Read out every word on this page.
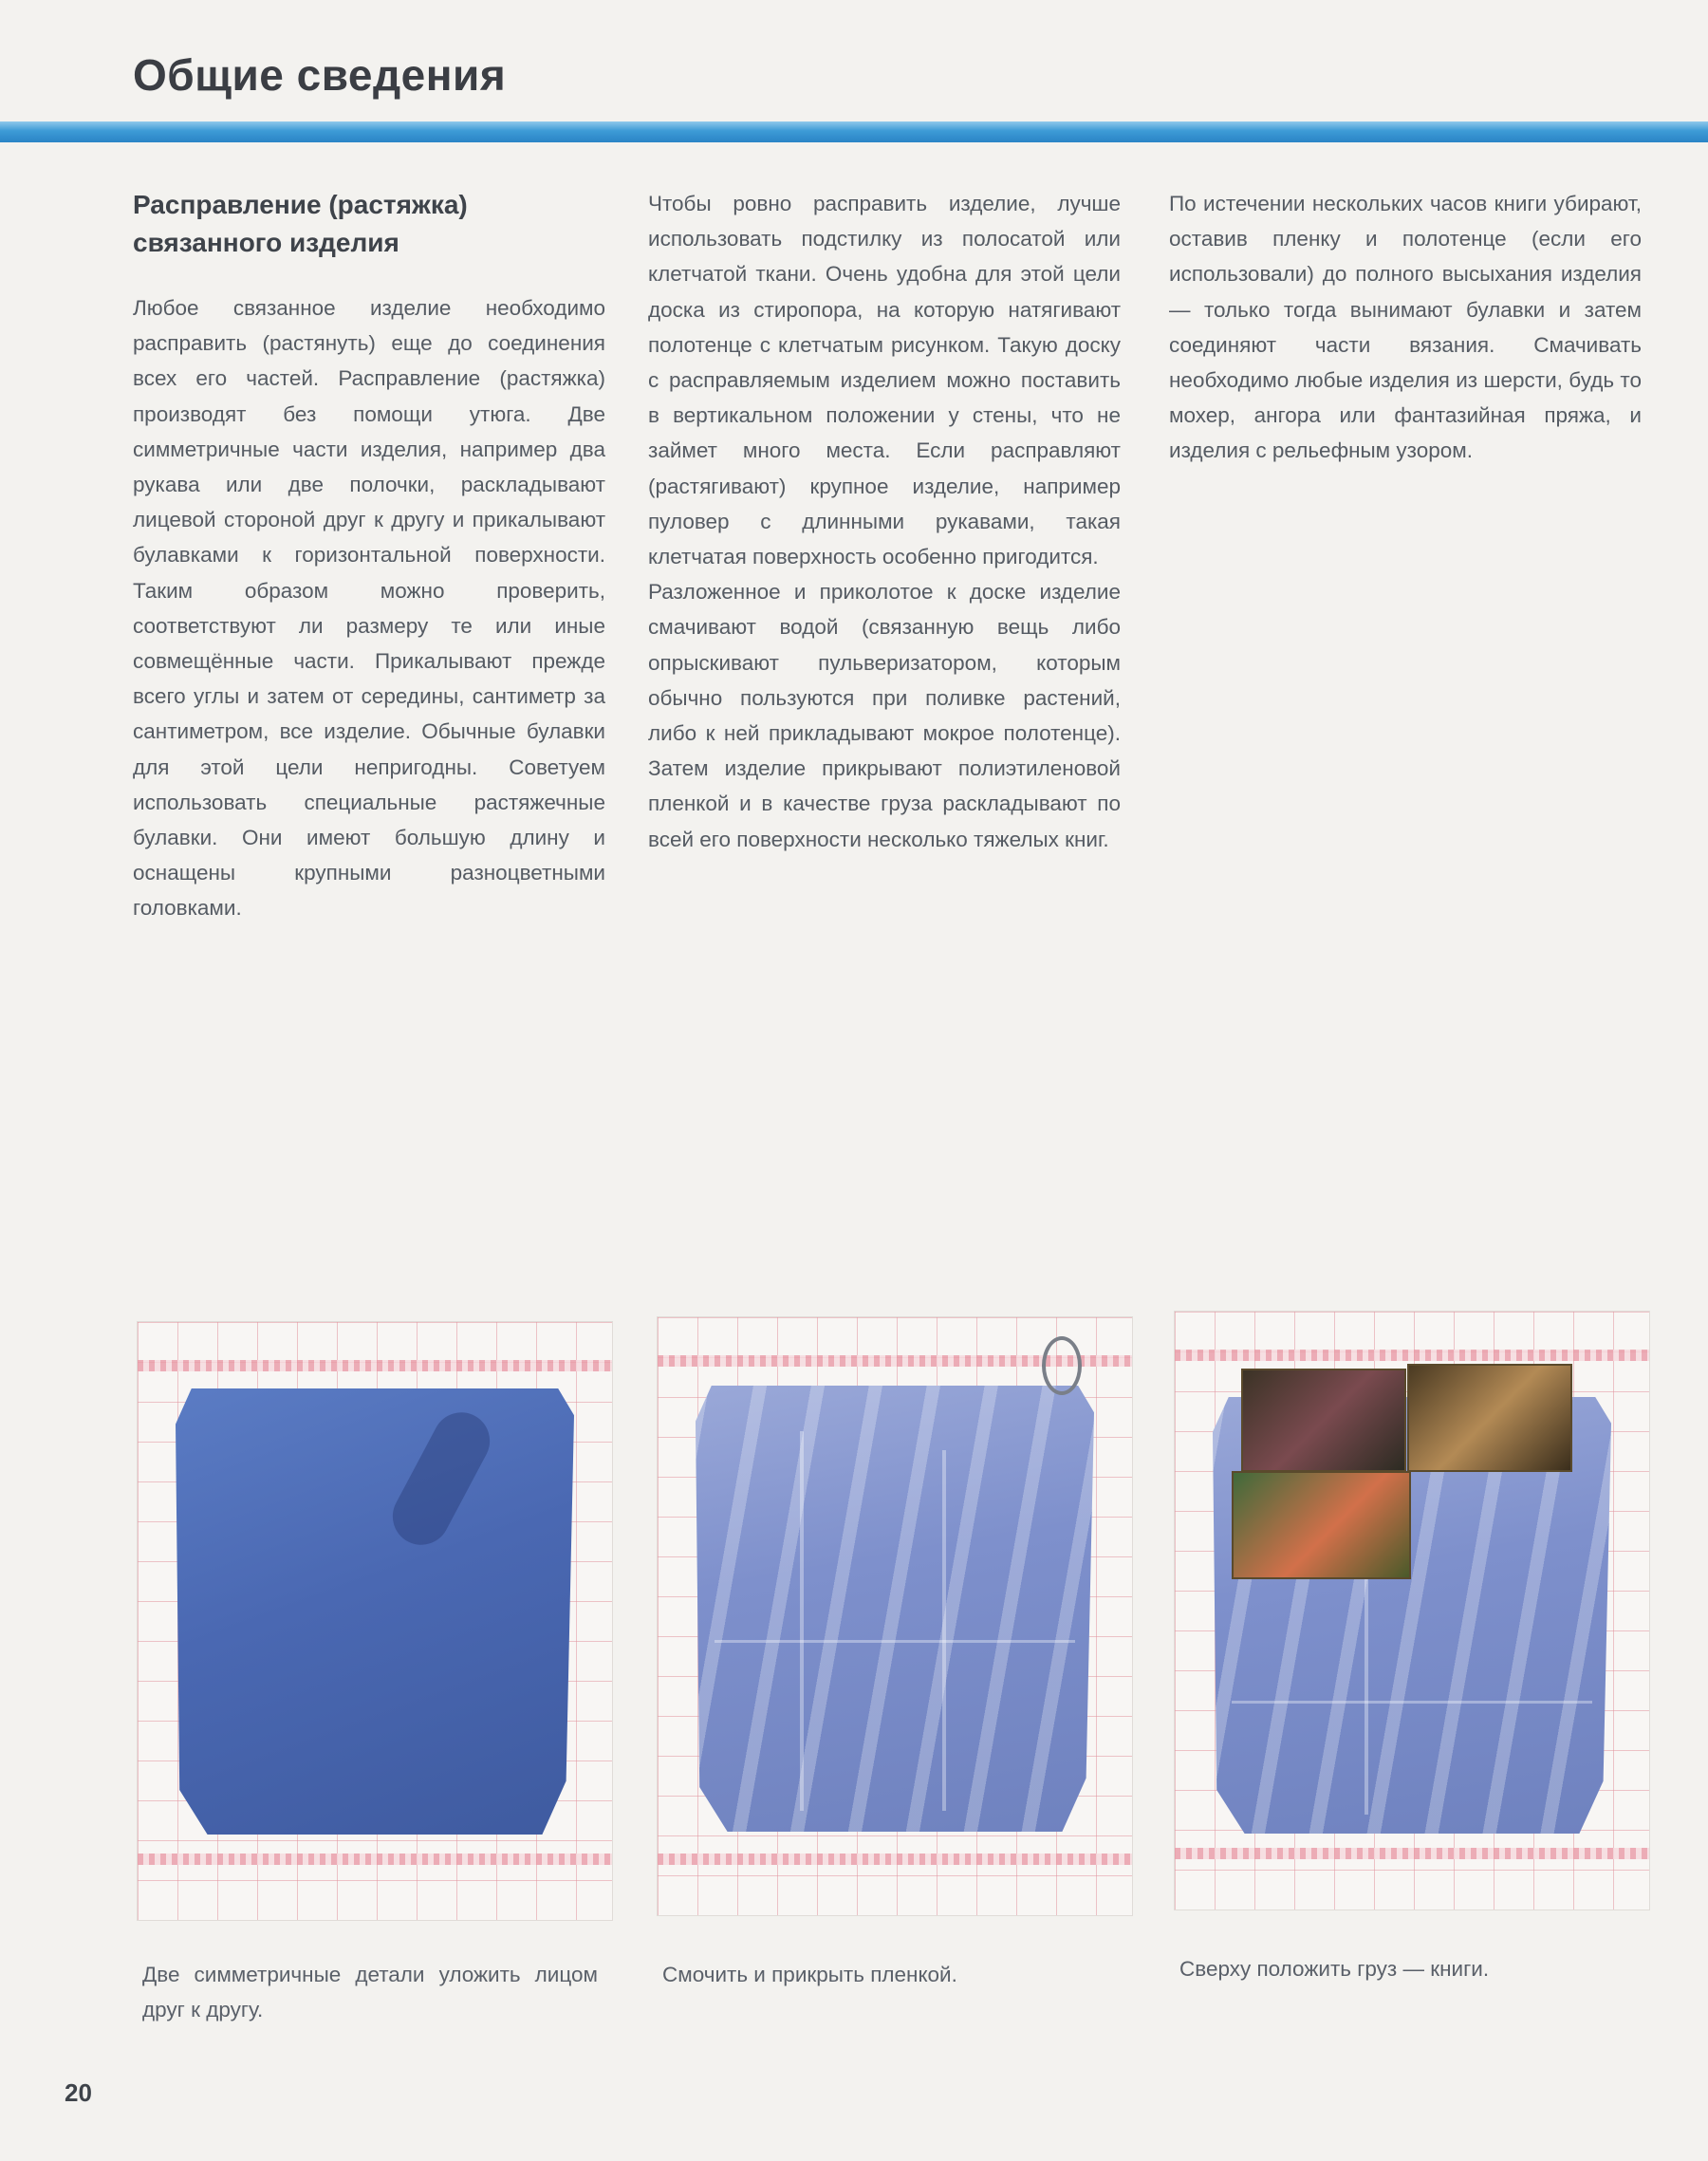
Общие сведения
Распрaвление (растяжка) связанного изделия

Любое связанное изделие необходимо расправить (растянуть) еще до соединения всех его частей. Расправление (растяжка) производят без помощи утюга. Две симметричные части изделия, например два рукава или две полочки, раскладывают лицевой стороной друг к другу и прикалывают булавками к горизонтальной поверхности. Таким образом можно проверить, соответствуют ли размеру те или иные совмещённые части. Прикалывают прежде всего углы и затем от середины, сантиметр за сантиметром, все изделие. Обычные булавки для этой цели непригодны. Советуем использовать специальные растяжечные булавки. Они имеют большую длину и оснащены крупными разноцветными головками.

Чтобы ровно расправить изделие, лучше использовать подстилку из полосатой или клетчатой ткани. Очень удобна для этой цели доска из стиропора, на которую натягивают полотенце с клетчатым рисунком. Такую доску с расправляемым изделием можно поставить в вертикальном положении у стены, что не займет много места. Если расправляют (растягивают) крупное изделие, например пуловер с длинными рукавами, такая клетчатая поверхность особенно пригодится.

Разложенное и приколотое к доске изделие смачивают водой (связанную вещь либо опрыскивают пульверизатором, которым обычно пользуются при поливке растений, либо к ней прикладывают мокрое полотенце). Затем изделие прикрывают полиэтиленовой пленкой и в качестве груза раскладывают по всей его поверхности несколько тяжелых книг.

По истечении нескольких часов книги убирают, оставив пленку и полотенце (если его использовали) до полного высыхания изделия — только тогда вынимают булавки и затем соединяют части вязания. Смачивать необходимо любые изделия из шерсти, будь то мохер, ангора или фантазийная пряжа, и изделия с рельефным узором.

Две симметричные детали уложить лицом друг к другу.

Смочить и прикрыть пленкой.	Сверху положить груз — книги.

20
